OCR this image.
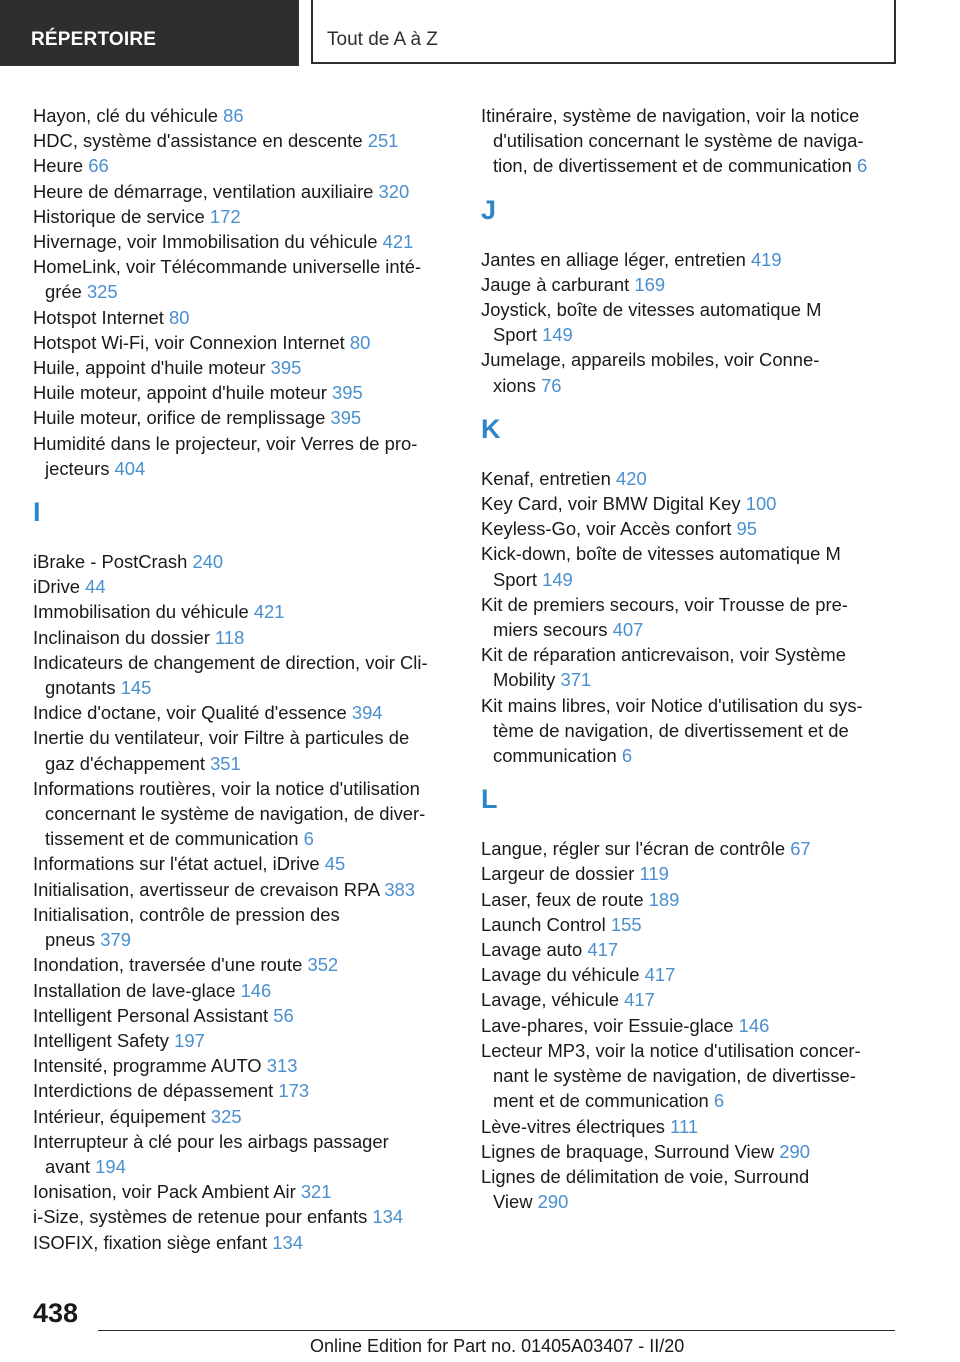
RÉPERTOIRE	Tout de A à Z
Hayon, clé du véhicule 86
HDC, système d'assistance en descente 251
Heure 66
Heure de démarrage, ventilation auxiliaire 320
Historique de service 172
Hivernage, voir Immobilisation du véhicule 421
HomeLink, voir Télécommande universelle inté-
grée 325
Hotspot Internet 80
Hotspot Wi-Fi, voir Connexion Internet 80
Huile, appoint d'huile moteur 395
Huile moteur, appoint d'huile moteur 395
Huile moteur, orifice de remplissage 395
Humidité dans le projecteur, voir Verres de pro-
jecteurs 404
I
iBrake - PostCrash 240
iDrive 44
Immobilisation du véhicule 421
Inclinaison du dossier 118
Indicateurs de changement de direction, voir Cli-
gnotants 145
Indice d'octane, voir Qualité d'essence 394
Inertie du ventilateur, voir Filtre à particules de
gaz d'échappement 351
Informations routières, voir la notice d'utilisation
concernant le système de navigation, de diver-
tissement et de communication 6
Informations sur l'état actuel, iDrive 45
Initialisation, avertisseur de crevaison RPA 383
Initialisation, contrôle de pression des
pneus 379
Inondation, traversée d'une route 352
Installation de lave-glace 146
Intelligent Personal Assistant 56
Intelligent Safety 197
Intensité, programme AUTO 313
Interdictions de dépassement 173
Intérieur, équipement 325
Interrupteur à clé pour les airbags passager
avant 194
Ionisation, voir Pack Ambient Air 321
i-Size, systèmes de retenue pour enfants 134
ISOFIX, fixation siège enfant 134
Itinéraire, système de navigation, voir la notice
d'utilisation concernant le système de naviga-
tion, de divertissement et de communication 6
J
Jantes en alliage léger, entretien 419
Jauge à carburant 169
Joystick, boîte de vitesses automatique M
Sport 149
Jumelage, appareils mobiles, voir Conne-
xions 76
K
Kenaf, entretien 420
Key Card, voir BMW Digital Key 100
Keyless-Go, voir Accès confort 95
Kick-down, boîte de vitesses automatique M
Sport 149
Kit de premiers secours, voir Trousse de pre-
miers secours 407
Kit de réparation anticrevaison, voir Système
Mobility 371
Kit mains libres, voir Notice d'utilisation du sys-
tème de navigation, de divertissement et de
communication 6
L
Langue, régler sur l'écran de contrôle 67
Largeur de dossier 119
Laser, feux de route 189
Launch Control 155
Lavage auto 417
Lavage du véhicule 417
Lavage, véhicule 417
Lave-phares, voir Essuie-glace 146
Lecteur MP3, voir la notice d'utilisation concer-
nant le système de navigation, de divertisse-
ment et de communication 6
Lève-vitres électriques 111
Lignes de braquage, Surround View 290
Lignes de délimitation de voie, Surround
View 290
438
Online Edition for Part no. 01405A03407 - II/20
